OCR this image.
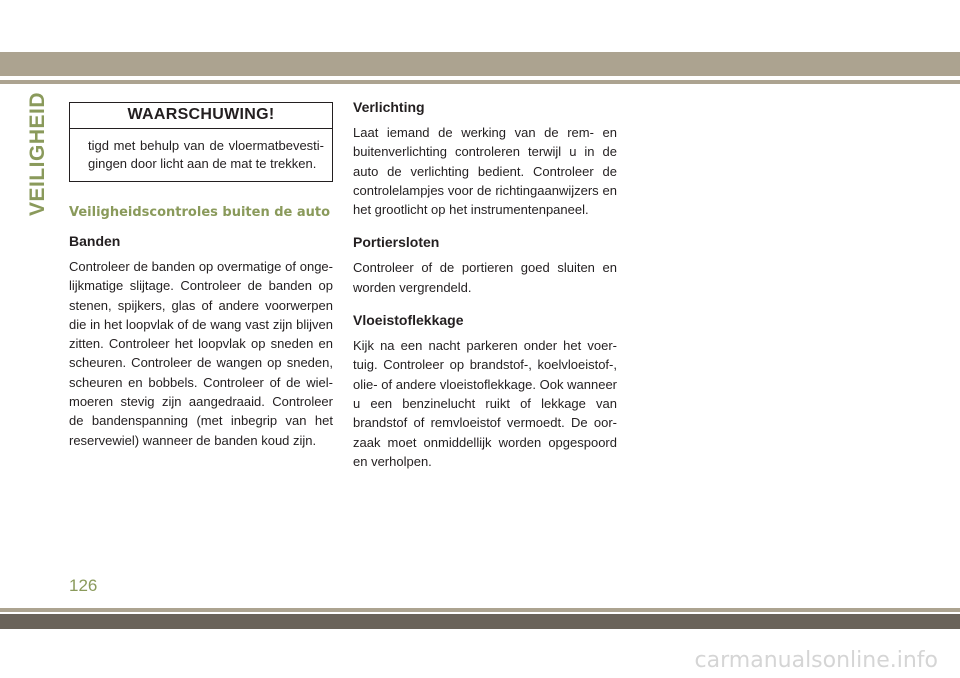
VEILIGHEID	WAARSCHUWING!
tigd met behulp van de vloermatbevesti- gingen door licht aan de mat te trekken.
Veiligheidscontroles buiten de auto
Banden

Controleer de banden op overmatige of onge- lijkmatige slijtage. Controleer de banden op stenen, spijkers, glas of andere voorwerpen die in het loopvlak of de wang vast zijn blijven zitten. Controleer het loopvlak op sneden en scheuren. Controleer de wangen op sneden, scheuren en bobbels. Controleer of de wiel- moeren stevig zijn aangedraaid. Controleer de bandenspanning (met inbegrip van het reservewiel) wanneer de banden koud zijn.

Verlichting

Laat iemand de werking van de rem- en buitenverlichting controleren terwijl u in de auto de verlichting bedient. Controleer de controlelampjes voor de richtingaanwijzers en het grootlicht op het instrumentenpaneel.

Portiersloten

Controleer of de portieren goed sluiten en worden vergrendeld.

Vloeistoflekkage

Kijk na een nacht parkeren onder het voer- tuig. Controleer op brandstof-, koelvloeistof-, olie- of andere vloeistoflekkage. Ook wanneer u een benzinelucht ruikt of lekkage van brandstof of remvloeistof vermoedt. De oor- zaak moet onmiddellijk worden opgespoord en verholpen.

126
carmanualsonline.info
